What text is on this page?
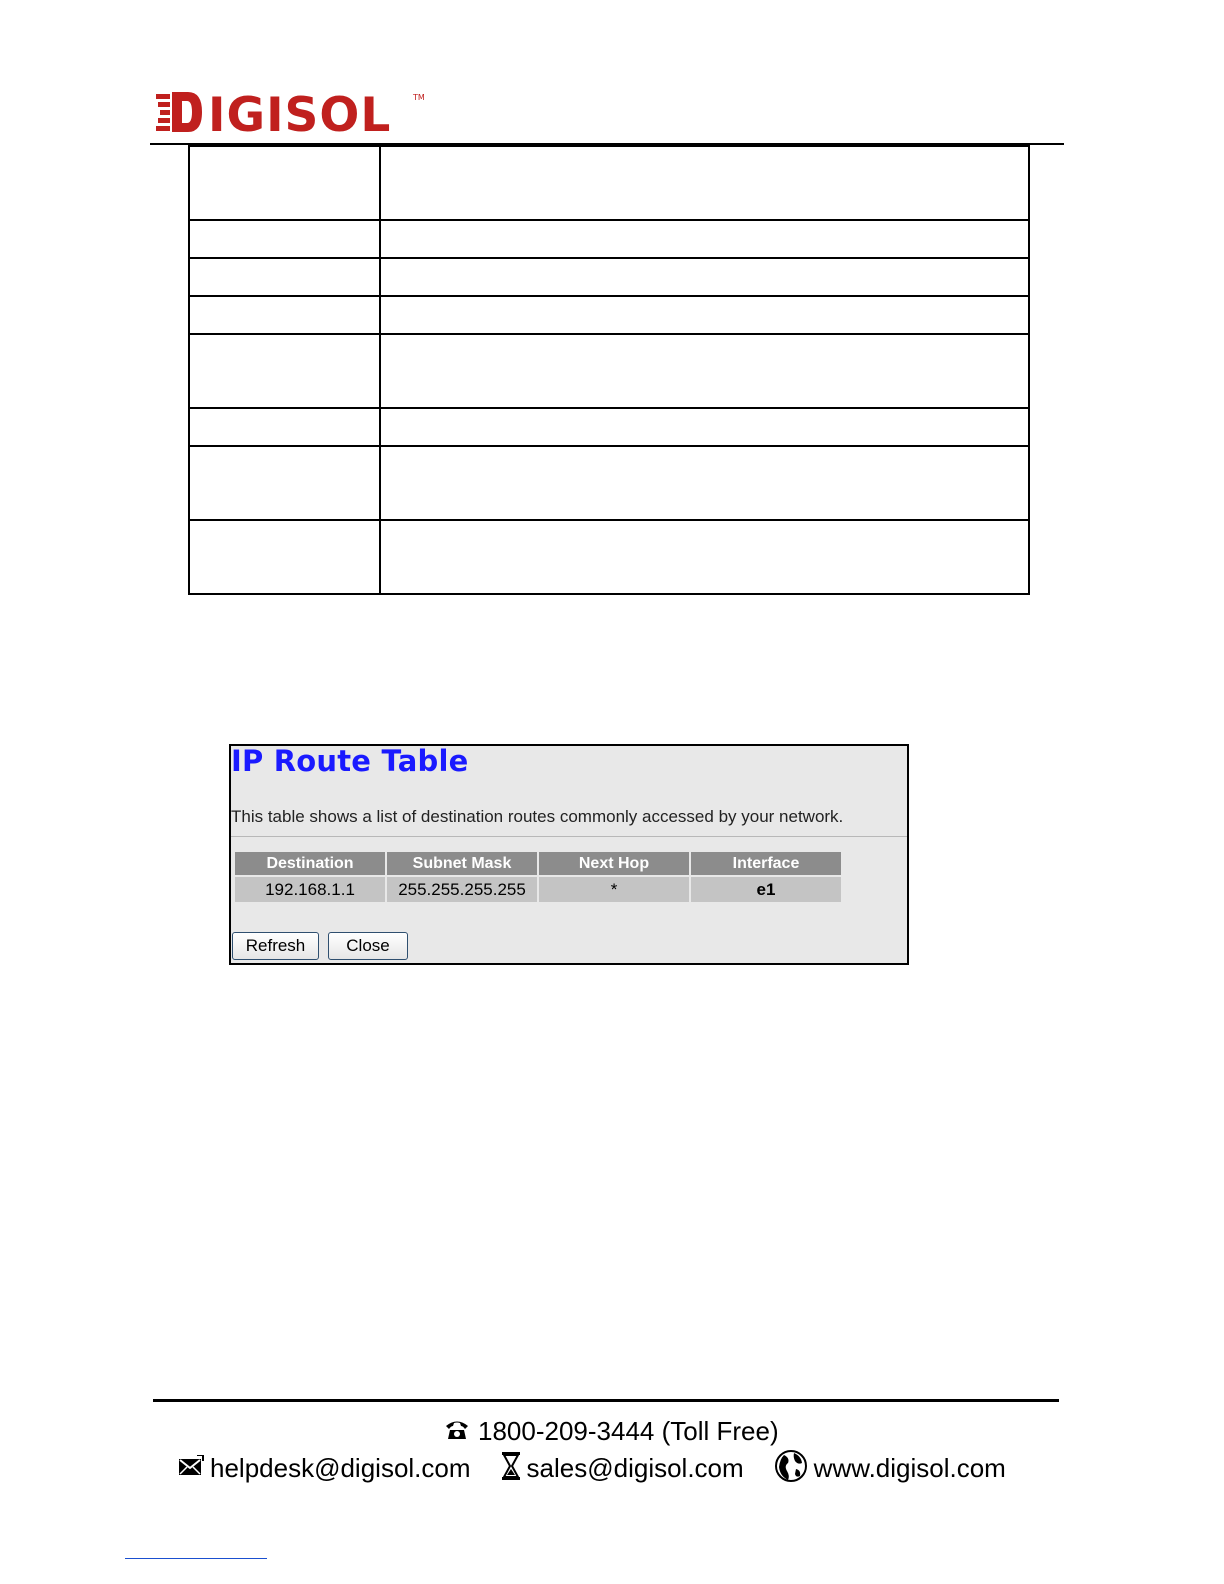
IGISOL	TM

IP Route Table

This table shows a list of destination routes commonly accessed by your network.

Destination	Subnet Mask	Next Hop	Interface
192.168.1.1	255.255.255.255	*	e1
Refresh	Close
1800-209-3444 (Toll Free)
helpdesk@digisol.com sales@digisol.com	www.digisol.com
